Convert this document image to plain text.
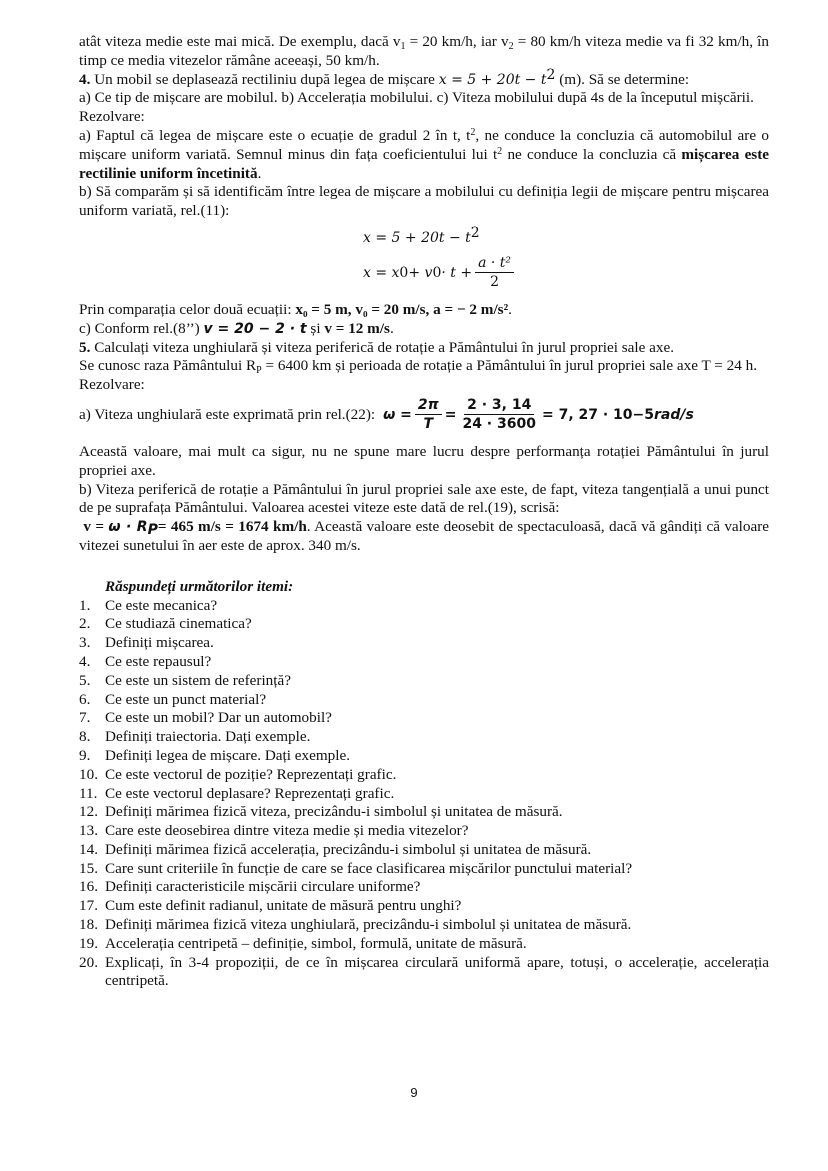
atât viteza medie este mai mică. De exemplu, dacă $v_1 = 20$ km/h, iar $v_2 = 80$ km/h viteza medie va fi 32 km/h, în timp ce media vitezelor rămâne aceeași, 50 km/h.

4. Un mobil se deplasează rectiliniu după legea de mișcare $x = 5 + 20t - t^2$ (m). Să se determine:

a) Ce tip de mișcare are mobilul. b) Accelerația mobilului. c) Viteza mobilului după 4s de la începutul mișcării.

Rezolvare:

a) Faptul că legea de mișcare este o ecuație de gradul 2 în t, $t^2$, ne conduce la concluzia că automobilul are o mișcare uniform variată. Semnul minus din fața coeficientului lui $t^2$ ne conduce la concluzia că mișcarea este rectilinie uniform încetinită.

b) Să comparăm și să identificăm între legea de mișcare a mobilului cu definiția legii de mișcare pentru mișcarea uniform variată, rel.(11):

$x = 5 + 20t - t^2$
x = x 0 + v $0 \cdot t + \frac{\text{a · t²}}{2}$

Prin comparația celor două ecuații: x₀ = 5 m, v₀ = 20 m/s, a = − 2 m/s².

c) Conform rel.(8’’) v = 20 − 2 · t și v = 12 m/s.

5. Calculați viteza unghiulară și viteza periferică de rotație a Pământului în jurul propriei sale axe.

Se cunosc raza Pământului $R_P = 6400$ km și perioada de rotație a Pământului în jurul propriei sale axe T = 24 h.

Rezolvare:

a) Viteza unghiulară este exprimată prin rel.(22): $\omega = \frac{2\pi}{T} = \frac{2 \cdot 3, 14}{24 \cdot 3600} = 7$, 27 · 10 −5 rad/s

Această valoare, mai mult ca sigur, nu ne spune mare lucru despre performanța rotației Pământului în jurul propriei axe.

b) Viteza periferică de rotație a Pământului în jurul propriei sale axe este, de fapt, viteza tangențială a unui punct de pe suprafața Pământului. Valoarea acestei viteze este dată de rel.(19), scrisă:

$v = \omega \cdot R_P= 465$ m/s = 1674 km/h. Această valoare este deosebit de spectaculoasă, dacă vă gândiți că valoare vitezei sunetului în aer este de aprox. 340 m/s.

Răspundeți următorilor itemi:

1. Ce este mecanica?
2. Ce studiază cinematica?
3. Definiți mișcarea.
4. Ce este repausul?
5. Ce este un sistem de referință?
6. Ce este un punct material?
7. Ce este un mobil? Dar un automobil?
8. Definiți traiectoria. Dați exemple.
9. Definiți legea de mișcare. Dați exemple.
10. Ce este vectorul de poziție? Reprezentați grafic.
11. Ce este vectorul deplasare? Reprezentați grafic.
12. Definiți mărimea fizică viteza, precizându-i simbolul și unitatea de măsură.
13. Care este deosebirea dintre viteza medie și media vitezelor?
14. Definiți mărimea fizică accelerația, precizându-i simbolul și unitatea de măsură.
15. Care sunt criteriile în funcție de care se face clasificarea mișcărilor punctului material?
16. Definiți caracteristicile mișcării circulare uniforme?
17. Cum este definit radianul, unitate de măsură pentru unghi?
18. Definiți mărimea fizică viteza unghiulară, precizându-i simbolul și unitatea de măsură.
19. Accelerația centripetă – definiție, simbol, formulă, unitate de măsură.
20. Explicați, în 3-4 propoziții, de ce în mișcarea circulară uniformă apare, totuși, o accelerație, accelerația centripetă.
9
